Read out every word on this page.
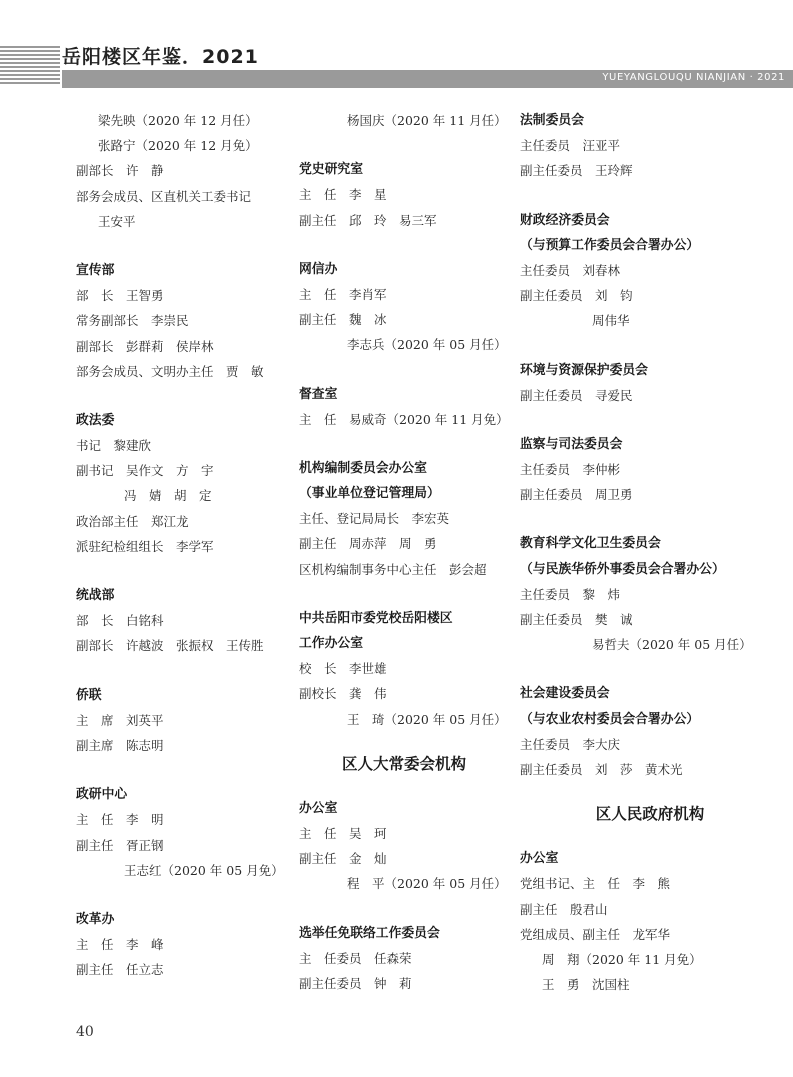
岳阳楼区年鉴．2021
YUEYANGLOUQU NIANJIAN · 2021
梁先映（2020 年 12 月任）
张路宁（2020 年 12 月免）
副部长　许　静
部务会成员、区直机关工委书记
王安平
宣传部
部　长　王智勇
常务副部长　李崇民
副部长　彭群莉　侯岸林
部务会成员、文明办主任　贾　敏
政法委
书记　黎建欣
副书记　吴作文　方　宇
冯　婧　胡　定
政治部主任　郑江龙
派驻纪检组组长　李学军
统战部
部　长　白铭科
副部长　许越波　张振权　王传胜
侨联
主　席　刘英平
副主席　陈志明
政研中心
主　任　李　明
副主任　胥正钢
王志红（2020 年 05 月免）
改革办
主　任　李　峰
副主任　任立志
杨国庆（2020 年 11 月任）
党史研究室
主　任　李　星
副主任　邱　玲　易三军
网信办
主　任　李肖军
副主任　魏　冰
李志兵（2020 年 05 月任）
督查室
主　任　易威奇（2020 年 11 月免）
机构编制委员会办公室
（事业单位登记管理局）
主任、登记局局长　李宏英
副主任　周赤萍　周　勇
区机构编制事务中心主任　彭会超
中共岳阳市委党校岳阳楼区
工作办公室
校　长　李世雄
副校长　龚　伟
王　琦（2020 年 05 月任）
区人大常委会机构
办公室
主　任　吴　珂
副主任　金　灿
程　平（2020 年 05 月任）
选举任免联络工作委员会
主　任委员　任森荣
副主任委员　钟　莉
法制委员会
主任委员　汪亚平
副主任委员　王玲辉
财政经济委员会
（与预算工作委员会合署办公）
主任委员　刘春林
副主任委员　刘　钧
周伟华
环境与资源保护委员会
副主任委员　寻爱民
监察与司法委员会
主任委员　李仲彬
副主任委员　周卫勇
教育科学文化卫生委员会
（与民族华侨外事委员会合署办公）
主任委员　黎　炜
副主任委员　樊　诚
易哲夫（2020 年 05 月任）
社会建设委员会
（与农业农村委员会合署办公）
主任委员　李大庆
副主任委员　刘　莎　黄术光
区人民政府机构
办公室
党组书记、主　任　李　熊
副主任　殷君山
党组成员、副主任　龙军华
周　翔（2020 年 11 月免）
王　勇　沈国柱
40
